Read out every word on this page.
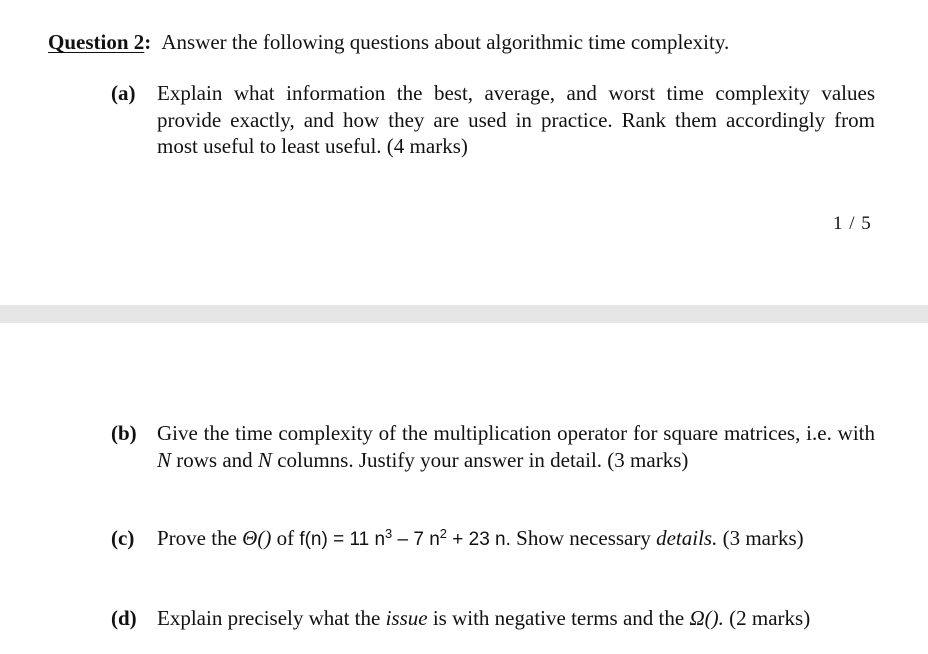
Question 2: Answer the following questions about algorithmic time complexity.
(a) Explain what information the best, average, and worst time complexity values provide exactly, and how they are used in practice. Rank them accordingly from most useful to least useful. (4 marks)
1 / 5
(b) Give the time complexity of the multiplication operator for square matrices, i.e. with N rows and N columns. Justify your answer in detail. (3 marks)
(c) Prove the Θ() of f(n) = 11 $n^3 - 7$ $n^2 + 23$ n. Show necessary details. (3 marks)
(d) Explain precisely what the issue is with negative terms and the Ω(). (2 marks)
